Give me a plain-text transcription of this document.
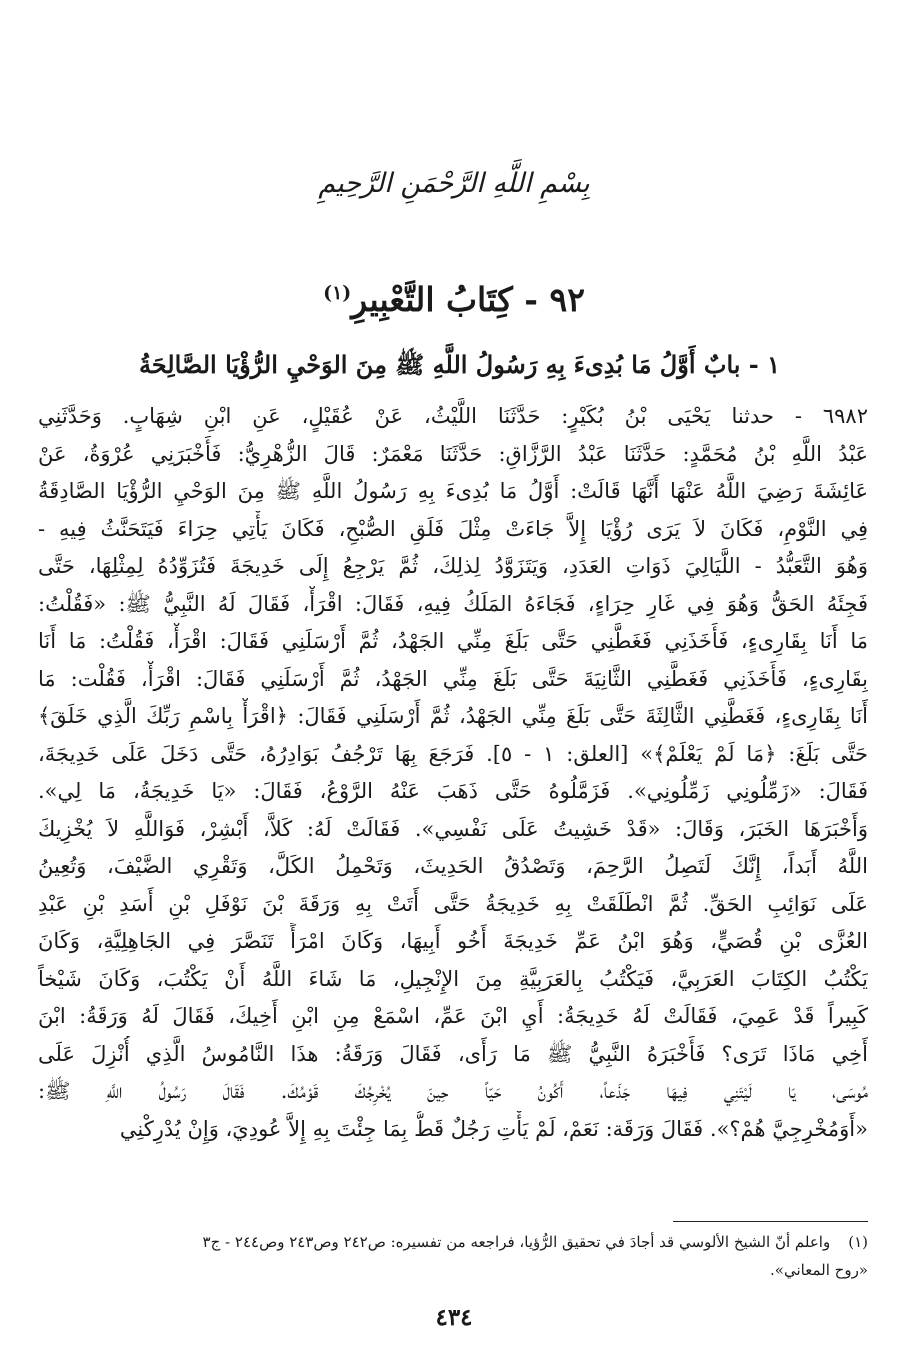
بِسْمِ اللَّهِ الرَّحْمَنِ الرَّحِيمِ
٩٢ - كِتَابُ التَّعْبِيرِ$^{(١)}$
١ - بابٌ أَوَّلُ مَا بُدِىءَ بِهِ رَسُولُ اللَّهِ ﷺ مِنَ الوَحْيِ الرُّؤْيَا الصَّالِحَةُ
٦٩٨٢ - حدثنا يَحْيَى بْنُ بُكَيْرٍ: حَدَّثَنَا اللَّيْثُ، عَنْ عُقَيْلٍ، عَنِ ابْنِ شِهَابٍ. وَحَدَّثَنِي
عَبْدُ اللَّهِ بْنُ مُحَمَّدٍ: حَدَّثَنَا عَبْدُ الرَّزَّاقِ: حَدَّثَنَا مَعْمَرٌ: قَالَ الزُّهْرِيُّ: فَأَخْبَرَنِي عُرْوَةُ، عَنْ
عَائِشَةَ رَضِيَ اللَّهُ عَنْهَا أَنَّهَا قَالَتْ: أَوَّلُ مَا بُدِىءَ بِهِ رَسُولُ اللَّهِ ﷺ مِنَ الوَحْيِ الرُّؤْيَا الصَّادِقَةُ
فِي النَّوْمِ، فَكَانَ لاَ يَرَى رُؤْيَا إِلاَّ جَاءَتْ مِثْلَ فَلَقِ الصُّبْحِ، فَكَانَ يَأْتِي حِرَاءَ فَيَتَحَنَّثُ فِيهِ -
وَهُوَ التَّعَبُّدُ - اللَّيَالِيَ ذَوَاتِ العَدَدِ، وَيَتَزَوَّدُ لِذلِكَ، ثُمَّ يَرْجِعُ إِلَى خَدِيجَةَ فَتُزَوِّدُهُ لِمِثْلِهَا، حَتَّى
فَجِئَهُ الحَقُّ وَهُوَ فِي غَارِ حِرَاءٍ، فَجَاءَهُ المَلَكُ فِيهِ، فَقَالَ: اقْرَأْ، فَقَالَ لَهُ النَّبِيُّ ﷺ: «فَقُلْتُ:
مَا أَنَا بِقَارِىءٍ، فَأَخَذَنِي فَغَطَّنِي حَتَّى بَلَغَ مِنِّي الجَهْدُ، ثُمَّ أَرْسَلَنِي فَقَالَ: اقْرَأْ، فَقُلْتُ: مَا أَنَا
بِقَارِىءٍ، فَأَخَذَنِي فَغَطَّنِي الثَّانِيَةَ حَتَّى بَلَغَ مِنِّي الجَهْدُ، ثُمَّ أَرْسَلَنِي فَقَالَ: اقْرَأْ، فَقُلْت: مَا
أَنَا بِقَارِىءٍ، فَغَطَّنِي الثَّالِثَةَ حَتَّى بَلَغَ مِنِّي الجَهْدُ، ثُمَّ أَرْسَلَنِي فَقَالَ: ﴿اقْرَأْ بِاسْمِ رَبِّكَ الَّذِي خَلَقَ﴾
حَتَّى بَلَغَ: ﴿مَا لَمْ يَعْلَمْ﴾» [العلق: ١ - ٥]. فَرَجَعَ بِهَا تَرْجُفُ بَوَادِرُهُ، حَتَّى دَخَلَ عَلَى خَدِيجَةَ،
فَقَالَ: «زَمِّلُونِي زَمِّلُونِي». فَزَمَّلُوهُ حَتَّى ذَهَبَ عَنْهُ الرَّوْعُ، فَقَالَ: «يَا خَدِيجَةُ، مَا لِي».
وَأَخْبَرَهَا الخَبَرَ، وَقَالَ: «قَدْ خَشِيتُ عَلَى نَفْسِي». فَقَالَتْ لَهُ: كَلاَّ، أَبْشِرْ، فَوَاللَّهِ لاَ يُخْزِيكَ
اللَّهُ أَبَداً، إِنَّكَ لَتَصِلُ الرَّحِمَ، وَتَصْدُقُ الحَدِيثَ، وَتَحْمِلُ الكَلَّ، وَتَقْرِي الضَّيْفَ، وَتُعِينُ
عَلَى نَوَائِبِ الحَقِّ. ثُمَّ انْطَلَقَتْ بِهِ خَدِيجَةُ حَتَّى أَتَتْ بِهِ وَرَقَةَ بْنَ نَوْفَلِ بْنِ أَسَدِ بْنِ عَبْدِ
العُزَّى بْنِ قُصَيٍّ، وَهُوَ ابْنُ عَمِّ خَدِيجَةَ أَخُو أَبِيهَا، وَكَانَ امْرَأً تَنَصَّرَ فِي الجَاهِلِيَّةِ، وَكَانَ
يَكْتُبُ الكِتَابَ العَرَبِيَّ، فَيَكْتُبُ بِالعَرَبِيَّةِ مِنَ الإِنْجِيلِ، مَا شَاءَ اللَّهُ أَنْ يَكْتُبَ، وَكَانَ شَيْخاً
كَبِيراً قَدْ عَمِيَ، فَقَالَتْ لَهُ خَدِيجَةُ: أَيِ ابْنَ عَمِّ، اسْمَعْ مِنِ ابْنِ أَخِيكَ، فَقَالَ لَهُ وَرَقَةُ: ابْنَ
أَخِي مَاذَا تَرَى؟ فَأَخْبَرَهُ النَّبِيُّ ﷺ مَا رَأَى، فَقَالَ وَرَقَةُ: هذَا النَّامُوسُ الَّذِي أُنْزِلَ عَلَى
مُوسَى، يَا لَيْتَنِي فِيهَا جَذَعاً، أَكُونُ حَيّاً حِينَ يُخْرِجُكَ قَوْمُكَ. فَقَالَ رَسُولُ اللَّهِ ﷺ:
«أَوَمُخْرِجِيَّ هُمْ؟». فَقَالَ وَرَقَة: نَعَمْ، لَمْ يَأْتِ رَجُلٌ قَطُّ بِمَا جِئْتَ بِهِ إِلاَّ عُودِيَ، وَإِنْ يُدْرِكْنِي
(١)واعلم أنّ الشيخ الألوسي قد أجادَ في تحقيق الرُّؤيا، فراجعه من تفسيره: ص٢٤٢ وص٢٤٣ وص٢٤٤ - ج٣
«روح المعاني».
٤٣٤
